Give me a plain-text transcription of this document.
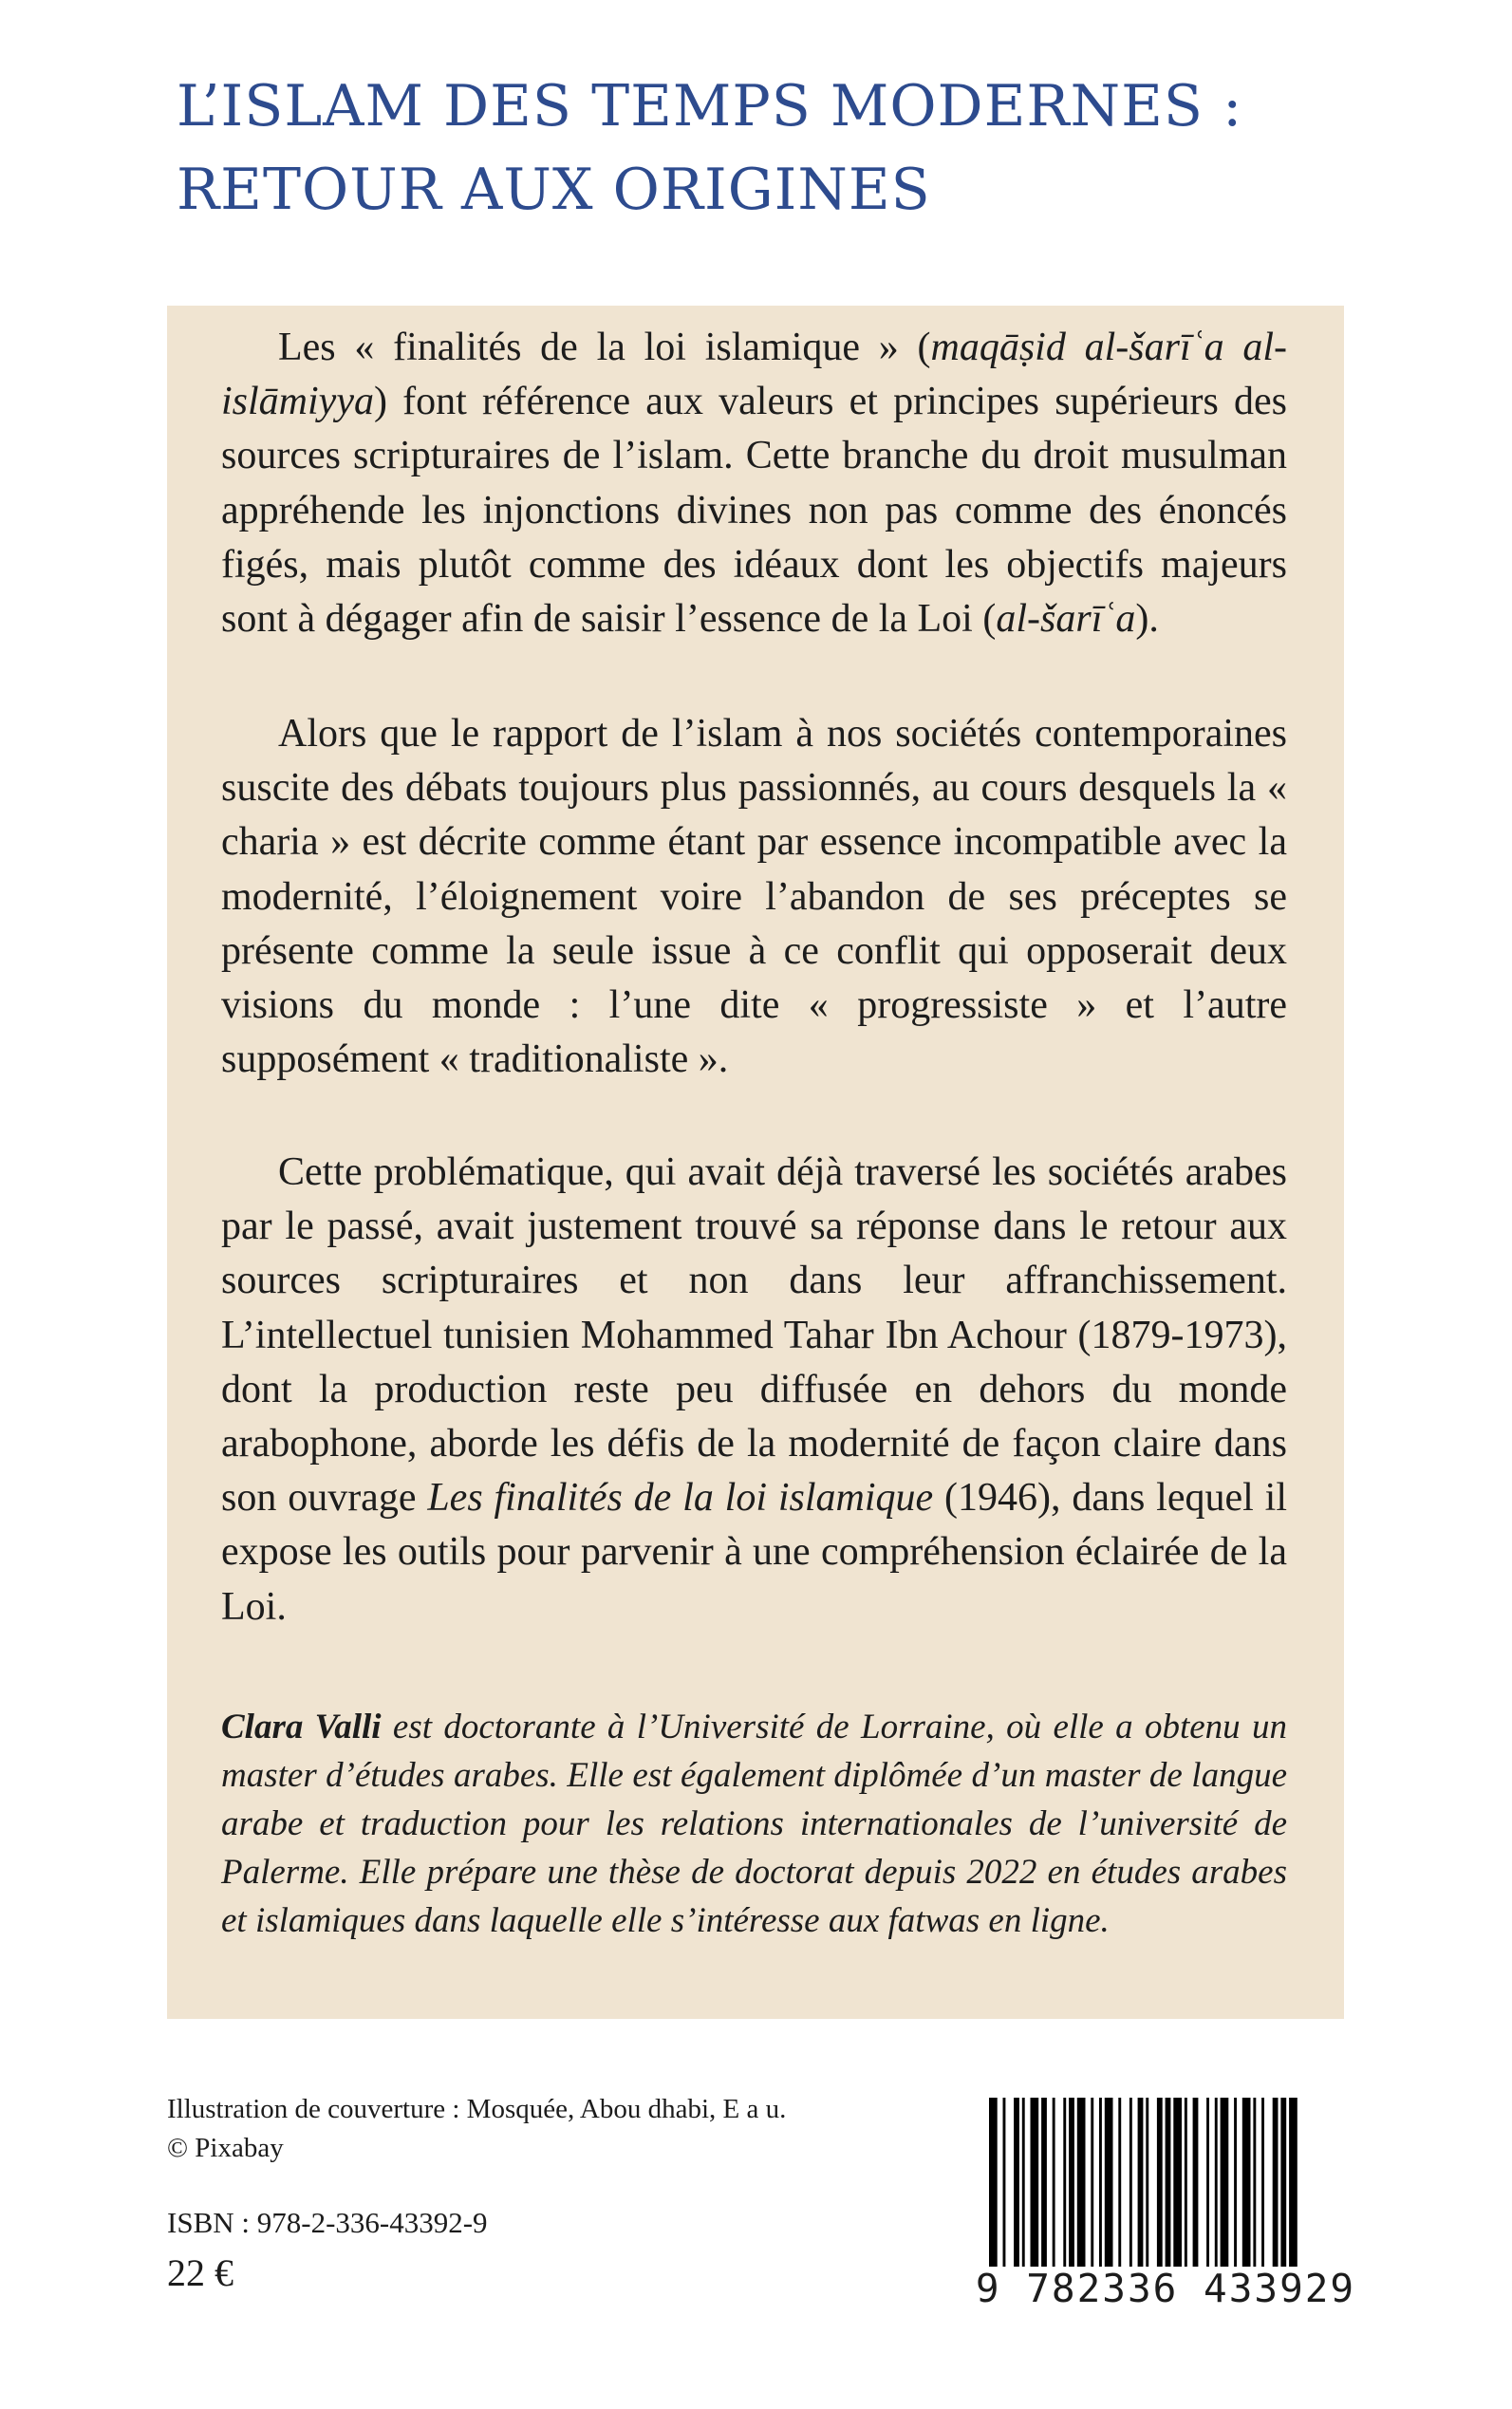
L’ISLAM DES TEMPS MODERNES :
RETOUR AUX ORIGINES

Les « finalités de la loi islamique » (maqāṣid al-šarīʿa al-islāmiyya) font référence aux valeurs et principes supérieurs des sources scripturaires de l’islam. Cette branche du droit musulman appréhende les injonctions divines non pas comme des énoncés figés, mais plutôt comme des idéaux dont les objectifs majeurs sont à dégager afin de saisir l’essence de la Loi (al-šarīʿa).

Alors que le rapport de l’islam à nos sociétés contemporaines suscite des débats toujours plus passionnés, au cours desquels la « charia » est décrite comme étant par essence incompatible avec la modernité, l’éloignement voire l’abandon de ses préceptes se présente comme la seule issue à ce conflit qui opposerait deux visions du monde : l’une dite « progressiste » et l’autre supposément « traditionaliste ».

Cette problématique, qui avait déjà traversé les sociétés arabes par le passé, avait justement trouvé sa réponse dans le retour aux sources scripturaires et non dans leur affranchissement. L’intellectuel tunisien Mohammed Tahar Ibn Achour (1879-1973), dont la production reste peu diffusée en dehors du monde arabophone, aborde les défis de la modernité de façon claire dans son ouvrage Les finalités de la loi islamique (1946), dans lequel il expose les outils pour parvenir à une compréhension éclairée de la Loi.

Clara Valli est doctorante à l’Université de Lorraine, où elle a obtenu un master d’études arabes. Elle est également diplômée d’un master de langue arabe et traduction pour les relations internationales de l’université de Palerme. Elle prépare une thèse de doctorat depuis 2022 en études arabes et islamiques dans laquelle elle s’intéresse aux fatwas en ligne.

Illustration de couverture : Mosquée, Abou dhabi, E a u.
© Pixabay
ISBN : 978-2-336-43392-9
22 €	9 782336 433929
